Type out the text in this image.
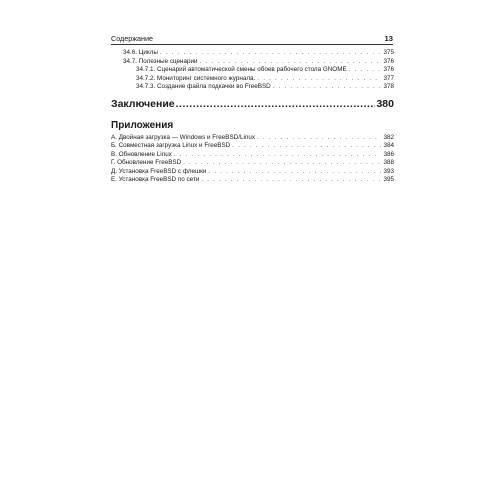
Содержание	13
34.6. Циклы . . .	375
34.7. Полезные сценарии . . .	376
34.7.1. Сценарий автоматической смены обоев рабочего стола GNOME . . .	376
34.7.2. Мониторинг системного журнала. . . .	377
34.7.3. Создание файла подкачки во FreeBSD . . .	378
Заключение .....	380
Приложения
А. Двойная загрузка — Windows и FreeBSD/Linux . . .	382
Б. Совместная загрузка Linux и FreeBSD . . .	384
В. Обновление Linux . . .	386
Г. Обновление FreeBSD . . .	388
Д. Установка FreeBSD с флешки . . .	393
Е. Установка FreeBSD по сети . . .	395
